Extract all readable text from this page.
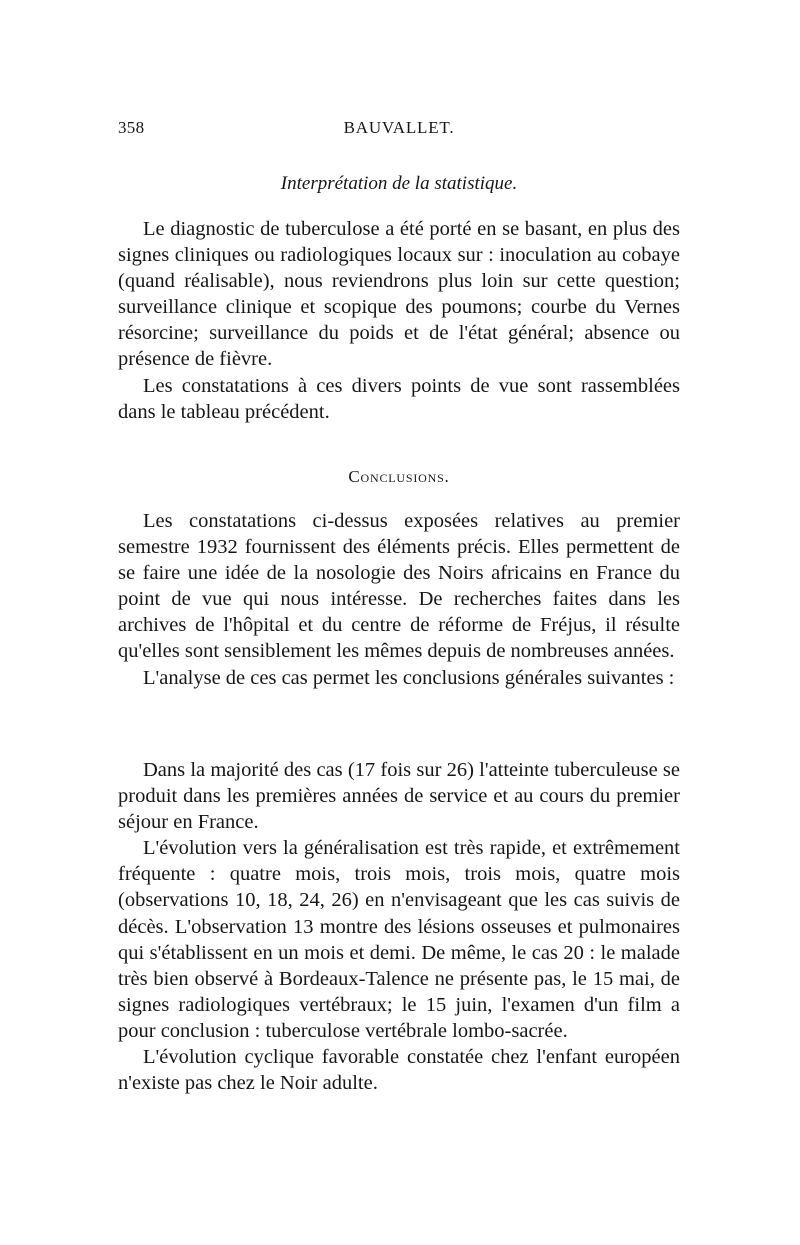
358	BAUVALLET.
Interprétation de la statistique.

Le diagnostic de tuberculose a été porté en se basant, en plus des signes cliniques ou radiologiques locaux sur : inoculation au cobaye (quand réalisable), nous reviendrons plus loin sur cette question; surveillance clinique et scopique des poumons; courbe du Vernes résorcine; surveillance du poids et de l'état général; absence ou présence de fièvre.

Les constatations à ces divers points de vue sont rassemblées dans le tableau précédent.

Conclusions.

Les constatations ci-dessus exposées relatives au premier semestre 1932 fournissent des éléments précis. Elles permettent de se faire une idée de la nosologie des Noirs africains en France du point de vue qui nous intéresse. De recherches faites dans les archives de l'hôpital et du centre de réforme de Fréjus, il résulte qu'elles sont sensiblement les mêmes depuis de nombreuses années.

L'analyse de ces cas permet les conclusions générales suivantes :

Dans la majorité des cas (17 fois sur 26) l'atteinte tuberculeuse se produit dans les premières années de service et au cours du premier séjour en France.

L'évolution vers la généralisation est très rapide, et extrêmement fréquente : quatre mois, trois mois, trois mois, quatre mois (observations 10, 18, 24, 26) en n'envisageant que les cas suivis de décès. L'observation 13 montre des lésions osseuses et pulmonaires qui s'établissent en un mois et demi. De même, le cas 20 : le malade très bien observé à Bordeaux-Talence ne présente pas, le 15 mai, de signes radiologiques vertébraux; le 15 juin, l'examen d'un film a pour conclusion : tuberculose vertébrale lombo-sacrée.

L'évolution cyclique favorable constatée chez l'enfant européen n'existe pas chez le Noir adulte.
